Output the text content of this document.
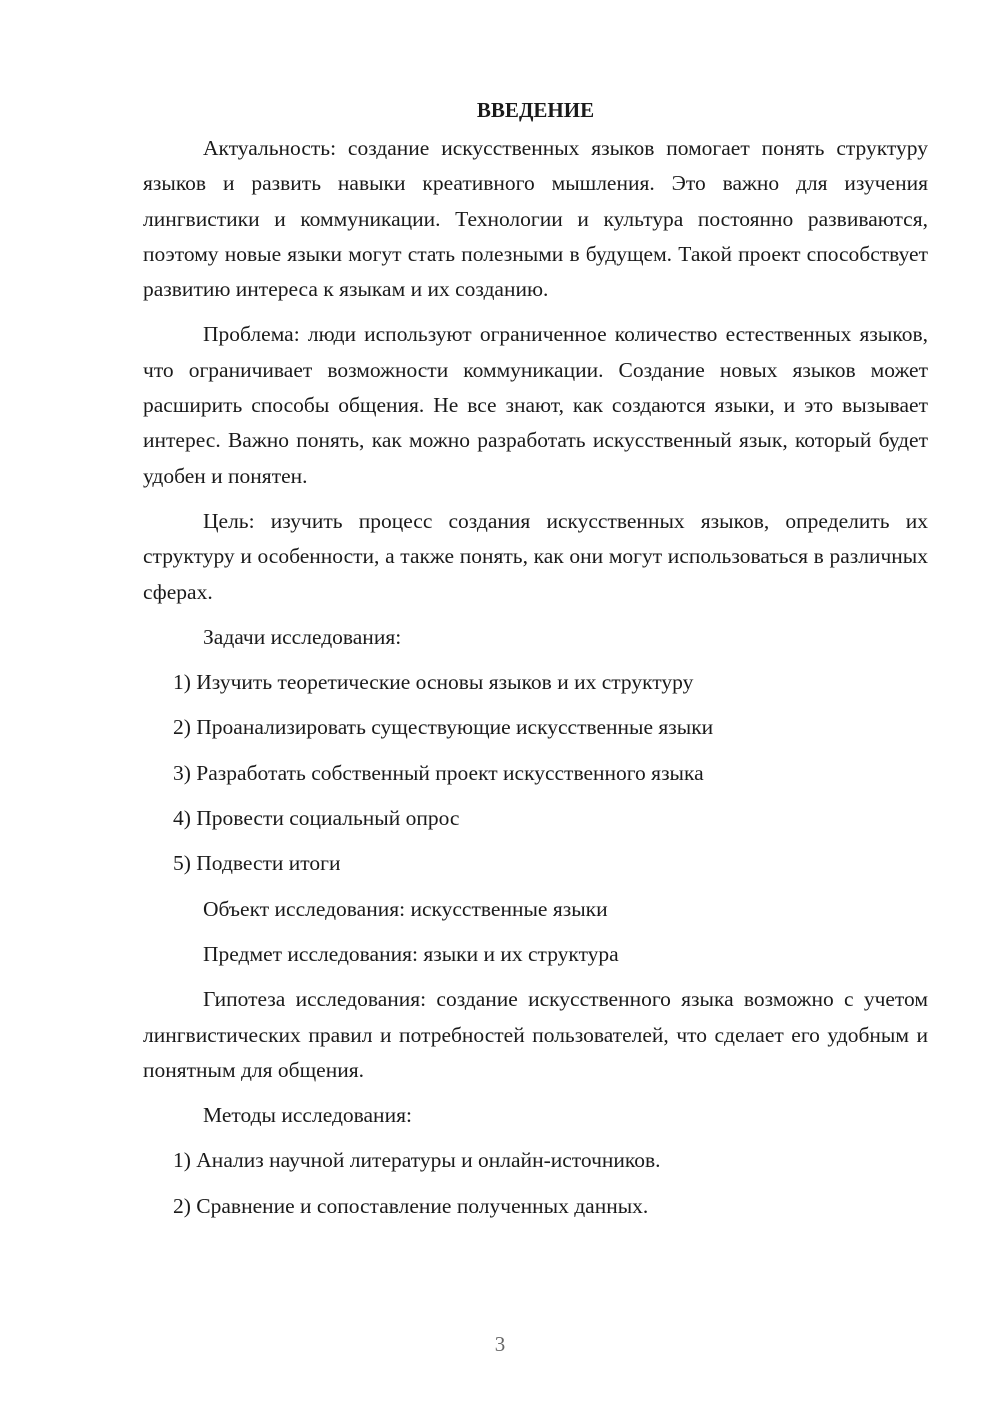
ВВЕДЕНИЕ

Актуальность: создание искусственных языков помогает понять структуру языков и развить навыки креативного мышления. Это важно для изучения лингвистики и коммуникации. Технологии и культура постоянно развиваются, поэтому новые языки могут стать полезными в будущем. Такой проект способствует развитию интереса к языкам и их созданию.

Проблема: люди используют ограниченное количество естественных языков, что ограничивает возможности коммуникации. Создание новых языков может расширить способы общения. Не все знают, как создаются языки, и это вызывает интерес. Важно понять, как можно разработать искусственный язык, который будет удобен и понятен.

Цель: изучить процесс создания искусственных языков, определить их структуру и особенности, а также понять, как они могут использоваться в различных сферах.

Задачи исследования:

1) Изучить теоретические основы языков и их структуру
2) Проанализировать существующие искусственные языки
3) Разработать собственный проект искусственного языка
4) Провести социальный опрос
5) Подвести итоги

Объект исследования: искусственные языки

Предмет исследования: языки и их структура

Гипотеза исследования: создание искусственного языка возможно с учетом лингвистических правил и потребностей пользователей, что сделает его удобным и понятным для общения.

Методы исследования:

1) Анализ научной литературы и онлайн-источников.
2) Сравнение и сопоставление полученных данных.
3
